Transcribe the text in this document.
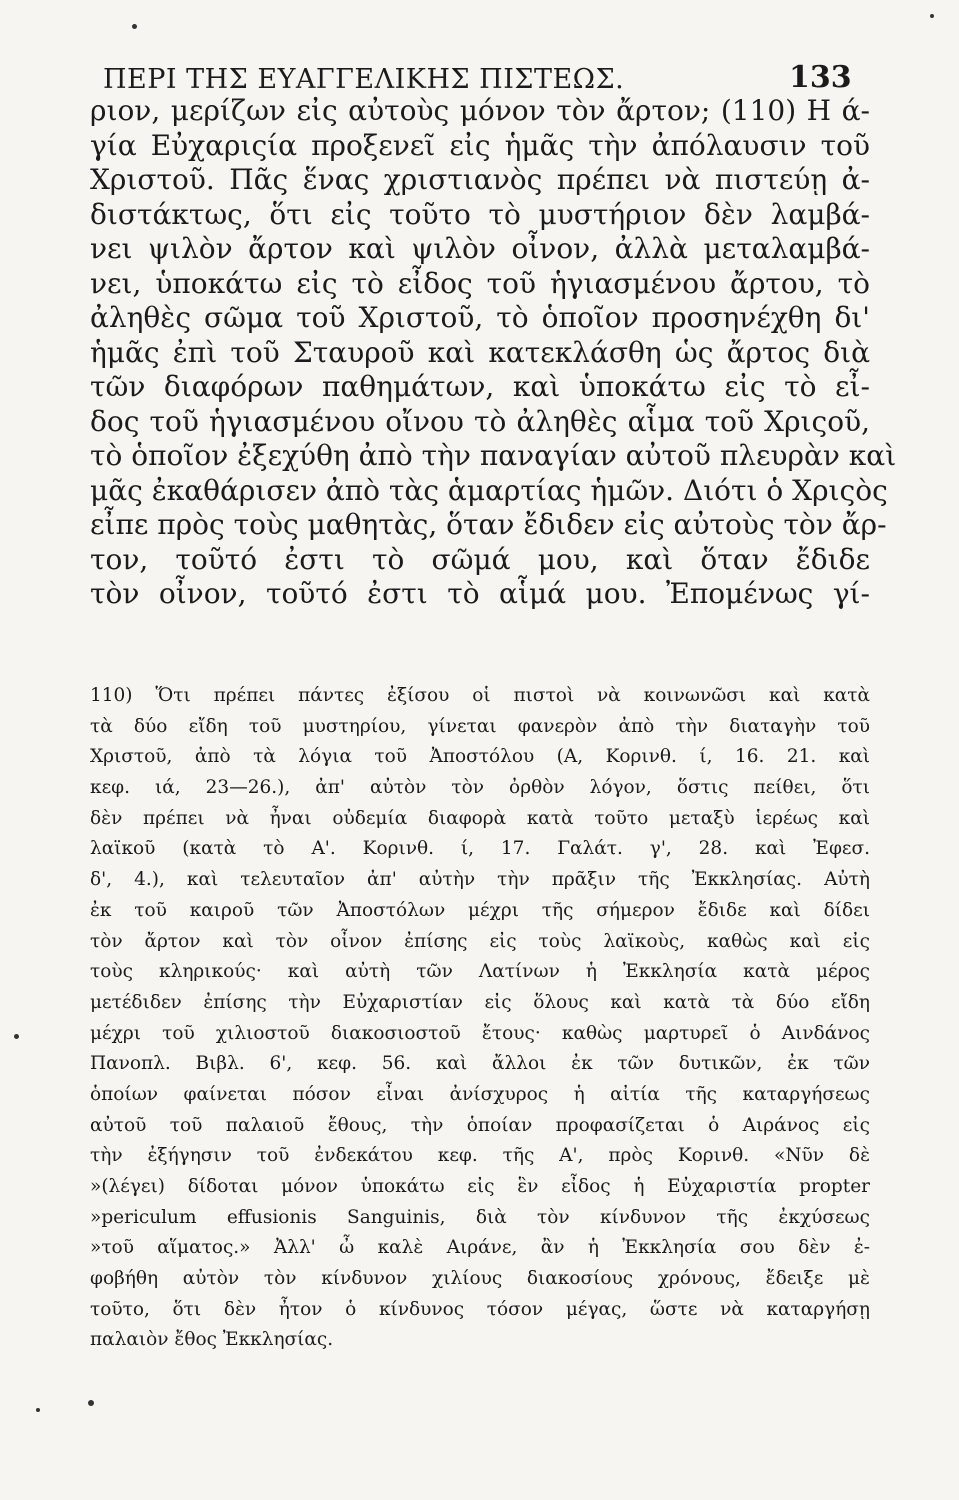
ΠΕΡΙ ΤΗΣ ΕΥΑΓΓΕΛΙΚΗΣ ΠΙΣΤΕΩΣ.	133
ριον, μερίζων εἰς αὐτοὺς μόνον τὸν ἄρτον; (110) Η ά-
γία Εὐχαριςία προξενεῖ εἰς ἡμᾶς τὴν ἀπόλαυσιν τοῦ
Χριστοῦ. Πᾶς ἕνας χριστιανὸς πρέπει νὰ πιστεύῃ ἀ-
διστάκτως, ὅτι εἰς τοῦτο τὸ μυστήριον δὲν λαμβά-
νει ψιλὸν ἄρτον καὶ ψιλὸν οἶνον, ἀλλὰ μεταλαμβά-
νει, ὑποκάτω εἰς τὸ εἶδος τοῦ ἡγιασμένου ἄρτου, τὸ
ἀληθὲς σῶμα τοῦ Χριστοῦ, τὸ ὁποῖον προσηνέχθη δι'
ἡμᾶς ἐπὶ τοῦ Σταυροῦ καὶ κατεκλάσθη ὡς ἄρτος διὰ
τῶν διαφόρων παθημάτων, καὶ ὑποκάτω εἰς τὸ εἶ-
δος τοῦ ἡγιασμένου οἴνου τὸ ἀληθὲς αἷμα τοῦ Χριςοῦ,
τὸ ὁποῖον ἐξεχύθη ἀπὸ τὴν παναγίαν αὐτοῦ πλευρὰν καὶ
μᾶς ἐκαθάρισεν ἀπὸ τὰς ἁμαρτίας ἡμῶν. Διότι ὁ Χριςὸς
εἶπε πρὸς τοὺς μαθητὰς, ὅταν ἔδιδεν εἰς αὐτοὺς τὸν ἄρ-
τον, τοῦτό ἐστι τὸ σῶμά μου, καὶ ὅταν ἔδιδε
τὸν οἶνον, τοῦτό ἐστι τὸ αἷμά μου. Ἐπομένως γί-
110) Ὅτι πρέπει πάντες ἐξίσου οἱ πιστοὶ νὰ κοινωνῶσι καὶ κατὰ
τὰ δύο εἴδη τοῦ μυστηρίου, γίνεται φανερὸν ἀπὸ τὴν διαταγὴν τοῦ
Χριστοῦ, ἀπὸ τὰ λόγια τοῦ Ἀποστόλου (Α, Κορινθ. ί, 16. 21. καὶ
κεφ. ιά, 23—26.), ἀπ' αὐτὸν τὸν ὀρθὸν λόγον, ὅστις πείθει, ὅτι
δὲν πρέπει νὰ ἦναι οὐδεμία διαφορὰ κατὰ τοῦτο μεταξὺ ἱερέως καὶ
λαϊκοῦ (κατὰ τὸ Α'. Κορινθ. ί, 17. Γαλάτ. γ', 28. καὶ Ἐφεσ.
δ', 4.), καὶ τελευταῖον ἀπ' αὐτὴν τὴν πρᾶξιν τῆς Ἐκκλησίας. Αὐτὴ
ἐκ τοῦ καιροῦ τῶν Ἀποστόλων μέχρι τῆς σήμερον ἔδιδε καὶ δίδει
τὸν ἄρτον καὶ τὸν οἶνον ἐπίσης εἰς τοὺς λαϊκοὺς, καθὼς καὶ εἰς
τοὺς κληρικούς· καὶ αὐτὴ τῶν Λατίνων ἡ Ἐκκλησία κατὰ μέρος
μετέδιδεν ἐπίσης τὴν Εὐχαριστίαν εἰς ὅλους καὶ κατὰ τὰ δύο εἴδη
μέχρι τοῦ χιλιοστοῦ διακοσιοστοῦ ἔτους· καθὼς μαρτυρεῖ ὁ Αινδάνος
Πανοπλ. Βιβλ. 6', κεφ. 56. καὶ ἄλλοι ἐκ τῶν δυτικῶν, ἐκ τῶν
ὁποίων φαίνεται πόσον εἶναι ἀνίσχυρος ἡ αἰτία τῆς καταργήσεως
αὐτοῦ τοῦ παλαιοῦ ἔθους, τὴν ὁποίαν προφασίζεται ὁ Αιράνος εἰς
τὴν ἐξήγησιν τοῦ ἐνδεκάτου κεφ. τῆς Α', πρὸς Κορινθ. «Νῦν δὲ
»(λέγει) δίδοται μόνον ὑποκάτω εἰς ἓν εἶδος ἡ Εὐχαριστία propter
»periculum effusionis Sanguinis, διὰ τὸν κίνδυνον τῆς ἐκχύσεως
»τοῦ αἵματος.» Ἀλλ' ὦ καλὲ Αιράνε, ἂν ἡ Ἐκκλησία σου δὲν ἐ-
φοβήθη αὐτὸν τὸν κίνδυνον χιλίους διακοσίους χρόνους, ἔδειξε μὲ
τοῦτο, ὅτι δὲν ἦτον ὁ κίνδυνος τόσον μέγας, ὥστε νὰ καταργήσῃ
παλαιὸν ἔθος Ἐκκλησίας.
